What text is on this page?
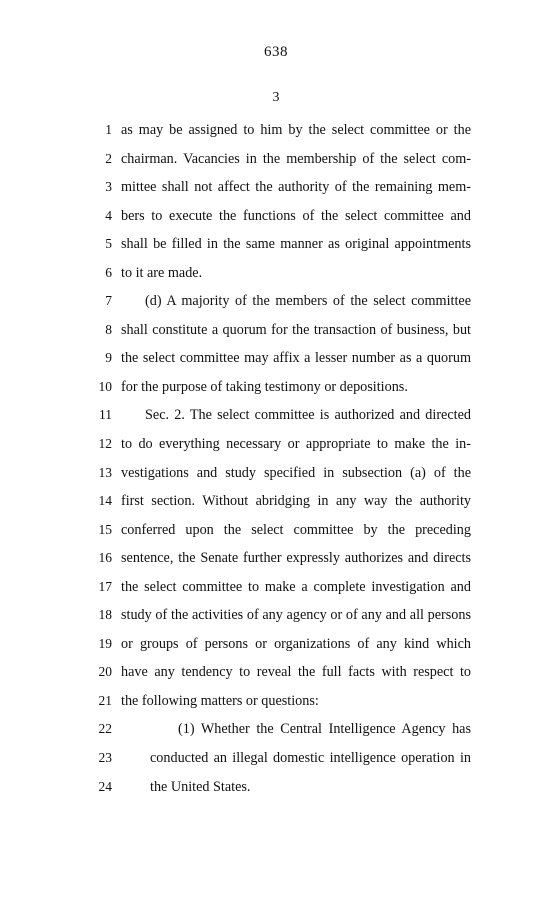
638
3
1 as may be assigned to him by the select committee or the
2 chairman. Vacancies in the membership of the select com-
3 mittee shall not affect the authority of the remaining mem-
4 bers to execute the functions of the select committee and
5 shall be filled in the same manner as original appointments
6 to it are made.
7 (d) A majority of the members of the select committee
8 shall constitute a quorum for the transaction of business, but
9 the select committee may affix a lesser number as a quorum
10 for the purpose of taking testimony or depositions.
11 Sec. 2. The select committee is authorized and directed
12 to do everything necessary or appropriate to make the in-
13 vestigations and study specified in subsection (a) of the
14 first section. Without abridging in any way the authority
15 conferred upon the select committee by the preceding
16 sentence, the Senate further expressly authorizes and directs
17 the select committee to make a complete investigation and
18 study of the activities of any agency or of any and all persons
19 or groups of persons or organizations of any kind which
20 have any tendency to reveal the full facts with respect to
21 the following matters or questions:
22	(1) Whether the Central Intelligence Agency has
23	conducted an illegal domestic intelligence operation in
24	the United States.
